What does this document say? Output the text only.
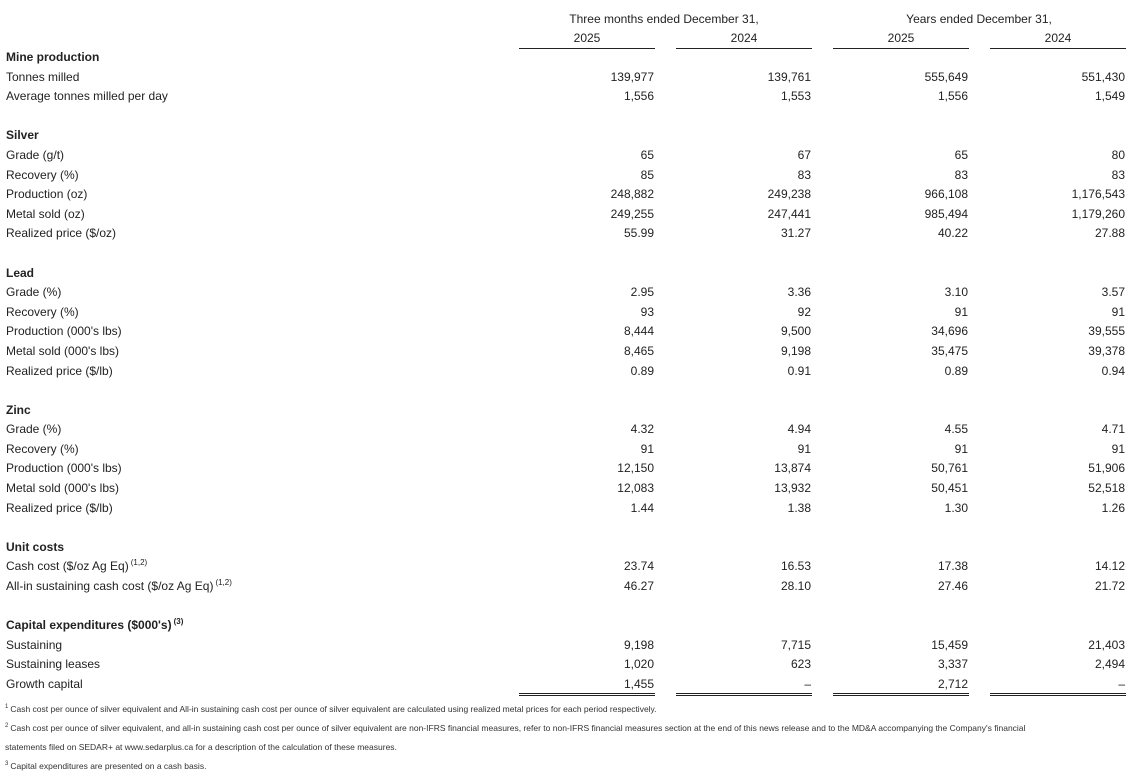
Three months ended December 31,
2025	2024
Years ended December 31,
2025	2024
Mine production
Tonnes milled	139,977	139,761	555,649	551,430
Average tonnes milled per day	1,556	1,553	1,556	1,549
Silver
Grade (g/t)	65	67	65	80
Recovery (%)	85	83	83	83
Production (oz)	248,882	249,238	966,108	1,176,543
Metal sold (oz)	249,255	247,441	985,494	1,179,260
Realized price ($/oz)	55.99	31.27	40.22	27.88
Lead
Grade (%)	2.95	3.36	3.10	3.57
Recovery (%)	93	92	91	91
Production (000's lbs)	8,444	9,500	34,696	39,555
Metal sold (000's lbs)	8,465	9,198	35,475	39,378
Realized price ($/lb)	0.89	0.91	0.89	0.94
Zinc
Grade (%)	4.32	4.94	4.55	4.71
Recovery (%)	91	91	91	91
Production (000's lbs)	12,150	13,874	50,761	51,906
Metal sold (000's lbs)	12,083	13,932	50,451	52,518
Realized price ($/lb)	1.44	1.38	1.30	1.26
Unit costs
Cash cost ($/oz Ag Eq) $^{(1,2)}$	23.74	16.53	17.38	14.12
All-in sustaining cash cost ($/oz Ag Eq) $^{(1,2)}$	46.27	28.10	27.46	21.72
Capital expenditures ($000's) $^{(3)}$
Sustaining	9,198	7,715	15,459	21,403
Sustaining leases	1,020	623	3,337	2,494
Growth capital	1,455	–	2,712	–
$^1$ Cash cost per ounce of silver equivalent and All-in sustaining cash cost per ounce of silver equivalent are calculated using realized metal prices for each period respectively.
$^2$ Cash cost per ounce of silver equivalent, and all-in sustaining cash cost per ounce of silver equivalent are non-IFRS financial measures, refer to non-IFRS financial measures section at the end of this news release and to the MD&A accompanying the Company's financial
statements filed on SEDAR+ at www.sedarplus.ca for a description of the calculation of these measures.
$^3$ Capital expenditures are presented on a cash basis.
